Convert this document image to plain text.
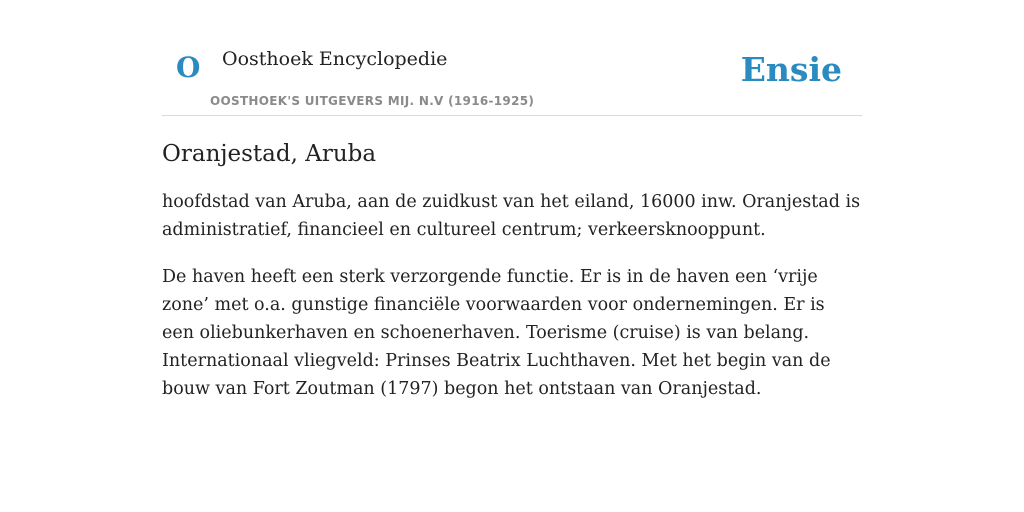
O Oosthoek Encyclopedie
OOSTHOEK'S UITGEVERS MIJ. N.V (1916-1925)
Ensie
Oranjestad, Aruba

hoofdstad van Aruba, aan de zuidkust van het eiland, 16000 inw. Oranjestad is administratief, financieel en cultureel centrum; verkeersknooppunt.

De haven heeft een sterk verzorgende functie. Er is in de haven een ‘vrije zone’ met o.a. gunstige financiële voorwaarden voor ondernemingen. Er is een oliebunkerhaven en schoenerhaven. Toerisme (cruise) is van belang. Internationaal vliegveld: Prinses Beatrix Luchthaven. Met het begin van de bouw van Fort Zoutman (1797) begon het ontstaan van Oranjestad.
